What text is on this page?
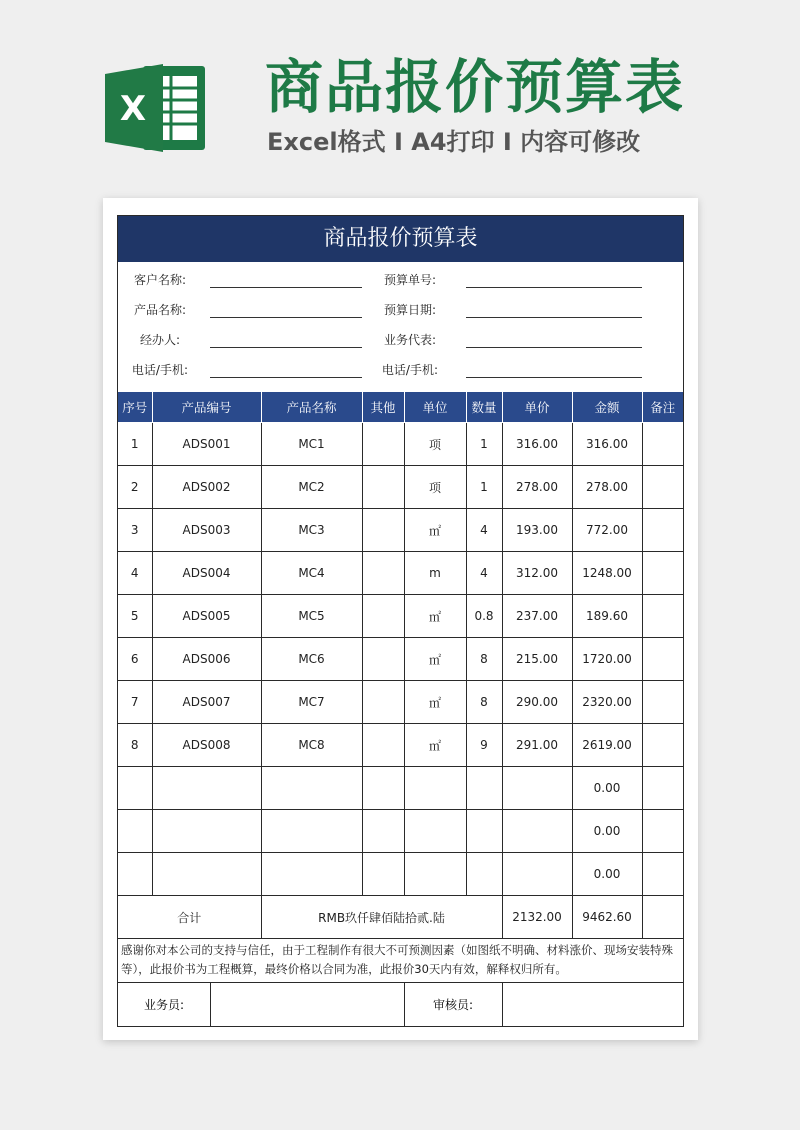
X 商品报价预算表
Excel格式 I A4打印 I 内容可修改
商品报价预算表
客户名称:	预算单号:
产品名称:	预算日期:
经办人:	业务代表:
电话/手机:	电话/手机:
序号	产品编号	产品名称	其他	单位	数量	单价	金额	备注
1	ADS001	MC1		项	1	316.00	316.00	
2	ADS002	MC2		项	1	278.00	278.00	
3	ADS003	MC3		㎡	4	193.00	772.00	
4	ADS004	MC4		m	4	312.00	1248.00	
5	ADS005	MC5		㎡	0.8	237.00	189.60	
6	ADS006	MC6		㎡	8	215.00	1720.00	
7	ADS007	MC7		㎡	8	290.00	2320.00	
8	ADS008	MC8		㎡	9	291.00	2619.00	
							0.00	
							0.00	
							0.00	
合计		RMB玖仟肆佰陆拾贰.陆				2132.00	9462.60	
感谢你对本公司的支持与信任，由于工程制作有很大不可预测因素（如图纸不明确、材料涨价、现场安装特殊等），此报价书为工程概算，最终价格以合同为准，此报价30天内有效，解释权归所有。
业务员:	审核员:
